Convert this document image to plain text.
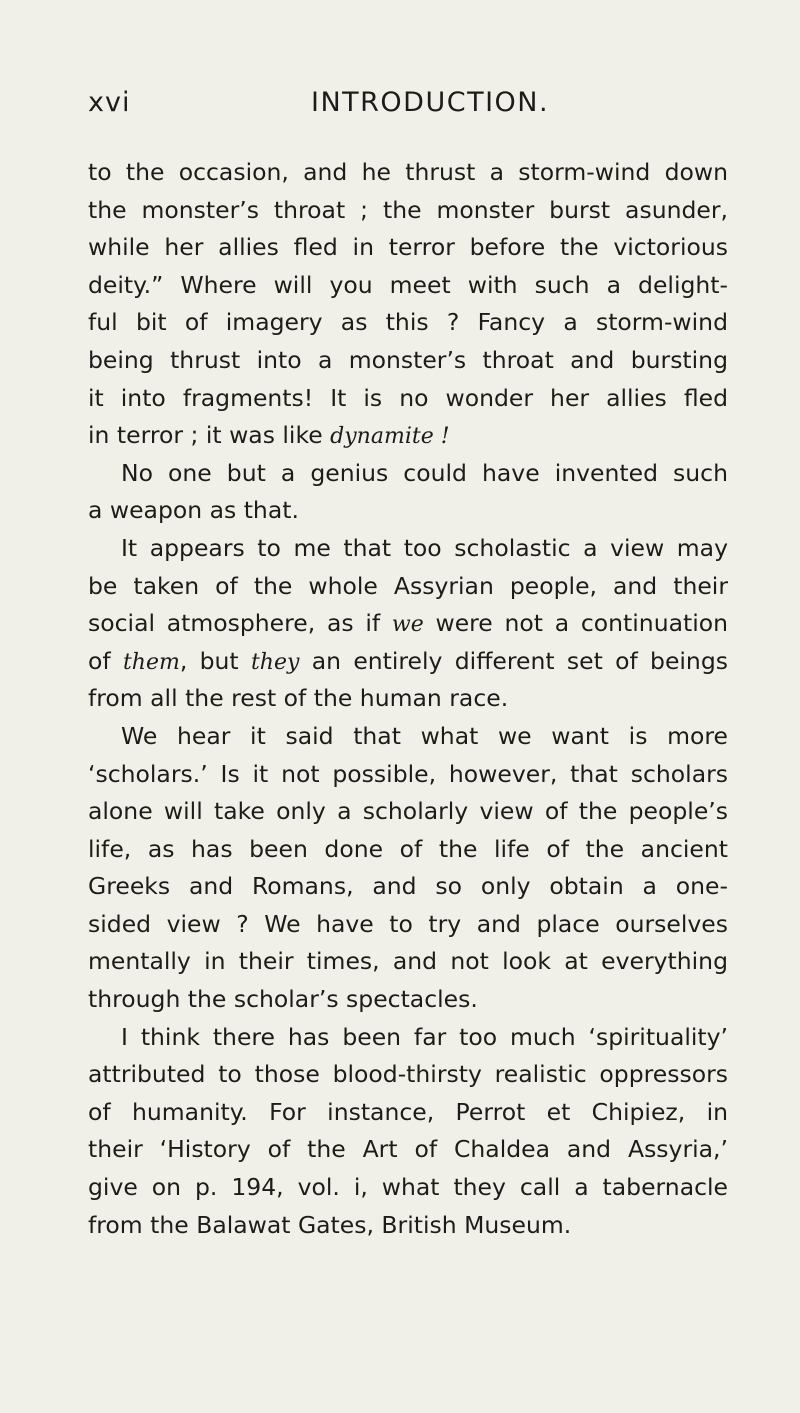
xvi	INTRODUCTION.
to the occasion, and he thrust a storm-wind down
the monster’s throat ; the monster burst asunder,
while her allies fled in terror before the victorious
deity.” Where will you meet with such a delight-
ful bit of imagery as this ? Fancy a storm-wind
being thrust into a monster’s throat and bursting
it into fragments! It is no wonder her allies fled
in terror ; it was like dynamite !
No one but a genius could have invented such
a weapon as that.
It appears to me that too scholastic a view may
be taken of the whole Assyrian people, and their
social atmosphere, as if we were not a continuation
of them, but they an entirely different set of beings
from all the rest of the human race.
We hear it said that what we want is more
‘scholars.’ Is it not possible, however, that scholars
alone will take only a scholarly view of the people’s
life, as has been done of the life of the ancient
Greeks and Romans, and so only obtain a one-
sided view ? We have to try and place ourselves
mentally in their times, and not look at everything
through the scholar’s spectacles.
I think there has been far too much ‘spirituality’
attributed to those blood-thirsty realistic oppressors
of humanity. For instance, Perrot et Chipiez, in
their ‘History of the Art of Chaldea and Assyria,’
give on p. 194, vol. i, what they call a tabernacle
from the Balawat Gates, British Museum.
